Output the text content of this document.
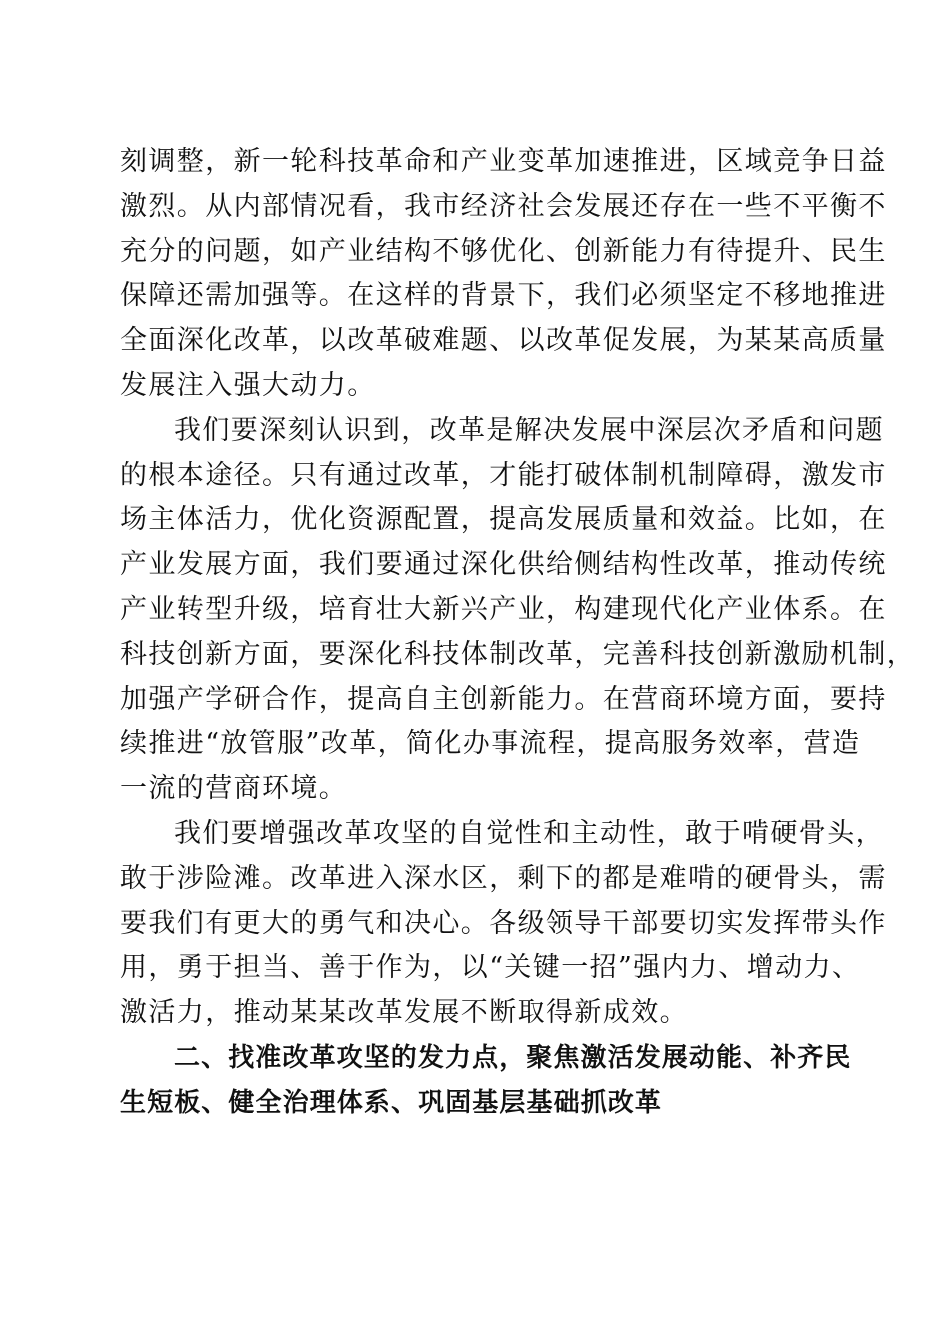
刻调整，新一轮科技革命和产业变革加速推进，区域竞争日益
激烈。从内部情况看，我市经济社会发展还存在一些不平衡不
充分的问题，如产业结构不够优化、创新能力有待提升、民生
保障还需加强等。在这样的背景下，我们必须坚定不移地推进
全面深化改革，以改革破难题、以改革促发展，为某某高质量
发展注入强大动力。
我们要深刻认识到，改革是解决发展中深层次矛盾和问题
的根本途径。只有通过改革，才能打破体制机制障碍，激发市
场主体活力，优化资源配置，提高发展质量和效益。比如，在
产业发展方面，我们要通过深化供给侧结构性改革，推动传统
产业转型升级，培育壮大新兴产业，构建现代化产业体系。在
科技创新方面，要深化科技体制改革，完善科技创新激励机制，
加强产学研合作，提高自主创新能力。在营商环境方面，要持
续推进“放管服”改革，简化办事流程，提高服务效率，营造
一流的营商环境。
我们要增强改革攻坚的自觉性和主动性，敢于啃硬骨头，
敢于涉险滩。改革进入深水区，剩下的都是难啃的硬骨头，需
要我们有更大的勇气和决心。各级领导干部要切实发挥带头作
用，勇于担当、善于作为，以“关键一招”强内力、增动力、
激活力，推动某某改革发展不断取得新成效。
二、找准改革攻坚的发力点，聚焦激活发展动能、补齐民
生短板、健全治理体系、巩固基层基础抓改革
